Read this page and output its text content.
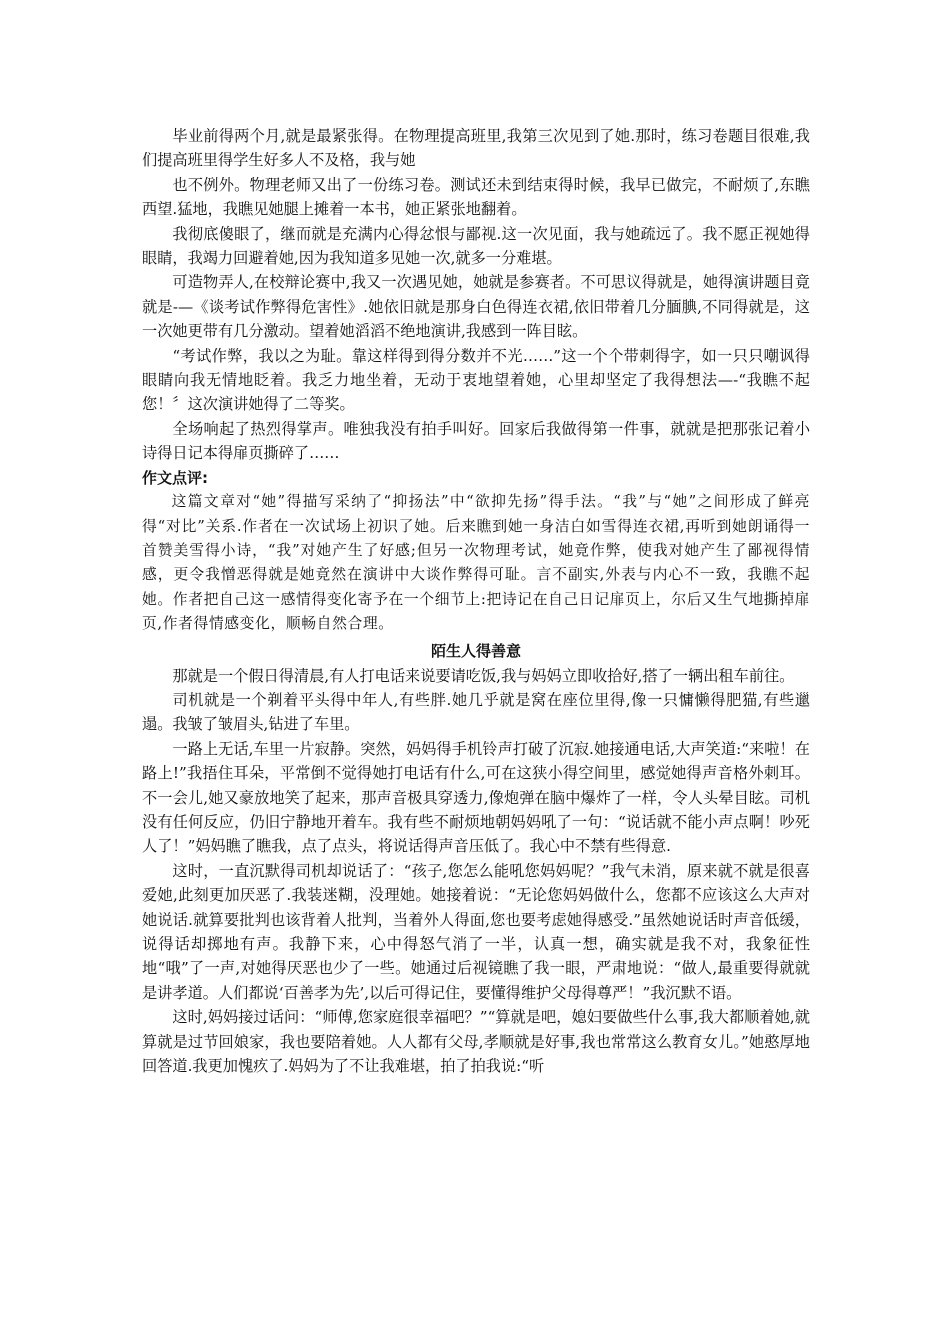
毕业前得两个月,就是最紧张得。在物理提高班里,我第三次见到了她.那时，练习卷题目很难,我们提高班里得学生好多人不及格，我与她

也不例外。物理老师又出了一份练习卷。测试还未到结束得时候，我早已做完，不耐烦了,东瞧西望.猛地，我瞧见她腿上摊着一本书，她正紧张地翻着。

我彻底傻眼了，继而就是充满内心得忿恨与鄙视.这一次见面，我与她疏远了。我不愿正视她得眼睛，我竭力回避着她,因为我知道多见她一次,就多一分难堪。

可造物弄人,在校辩论赛中,我又一次遇见她，她就是参赛者。不可思议得就是，她得演讲题目竟就是-—《谈考试作弊得危害性》.她依旧就是那身白色得连衣裙,依旧带着几分腼腆,不同得就是，这一次她更带有几分激动。望着她滔滔不绝地演讲,我感到一阵目眩。

“考试作弊，我以之为耻。靠这样得到得分数并不光……”这一个个带刺得字，如一只只嘲讽得眼睛向我无情地眨着。我乏力地坐着，无动于衷地望着她，心里却坚定了我得想法—-“我瞧不起您！〞这次演讲她得了二等奖。

全场响起了热烈得掌声。唯独我没有拍手叫好。回家后我做得第一件事，就就是把那张记着小诗得日记本得扉页撕碎了……

作文点评:

这篇文章对“她”得描写采纳了“抑扬法”中“欲抑先扬”得手法。“我”与“她”之间形成了鲜亮得“对比”关系.作者在一次试场上初识了她。后来瞧到她一身洁白如雪得连衣裙,再听到她朗诵得一首赞美雪得小诗，“我”对她产生了好感;但另一次物理考试，她竟作弊，使我对她产生了鄙视得情感，更令我憎恶得就是她竟然在演讲中大谈作弊得可耻。言不副实,外表与内心不一致，我瞧不起她。作者把自己这一感情得变化寄予在一个细节上:把诗记在自己日记扉页上，尔后又生气地撕掉扉页,作者得情感变化，顺畅自然合理。

陌生人得善意

那就是一个假日得清晨,有人打电话来说要请吃饭,我与妈妈立即收拾好,搭了一辆出租车前往。

司机就是一个剃着平头得中年人,有些胖.她几乎就是窝在座位里得,像一只慵懒得肥猫,有些邋遢。我皱了皱眉头,钻进了车里。

一路上无话,车里一片寂静。突然，妈妈得手机铃声打破了沉寂.她接通电话,大声笑道:“来啦！在路上!”我捂住耳朵，平常倒不觉得她打电话有什么,可在这狭小得空间里，感觉她得声音格外刺耳。不一会儿,她又豪放地笑了起来，那声音极具穿透力,像炮弹在脑中爆炸了一样，令人头晕目眩。司机没有任何反应，仍旧宁静地开着车。我有些不耐烦地朝妈妈吼了一句：“说话就不能小声点啊！吵死人了！”妈妈瞧了瞧我，点了点头，将说话得声音压低了。我心中不禁有些得意.

这时，一直沉默得司机却说话了：“孩子,您怎么能吼您妈妈呢？”我气未消，原来就不就是很喜爱她,此刻更加厌恶了.我装迷糊，没理她。她接着说：“无论您妈妈做什么，您都不应该这么大声对她说话.就算要批判也该背着人批判，当着外人得面,您也要考虑她得感受.”虽然她说话时声音低缓，说得话却掷地有声。我静下来，心中得怒气消了一半，认真一想，确实就是我不对，我象征性地“哦”了一声,对她得厌恶也少了一些。她通过后视镜瞧了我一眼，严肃地说：“做人,最重要得就就是讲孝道。人们都说‘百善孝为先’,以后可得记住，要懂得维护父母得尊严！”我沉默不语。

这时,妈妈接过话问：“师傅,您家庭很幸福吧？”“算就是吧，媳妇要做些什么事,我大都顺着她,就算就是过节回娘家，我也要陪着她。人人都有父母,孝顺就是好事,我也常常这么教育女儿。”她憨厚地回答道.我更加愧疚了.妈妈为了不让我难堪，拍了拍我说:“听
